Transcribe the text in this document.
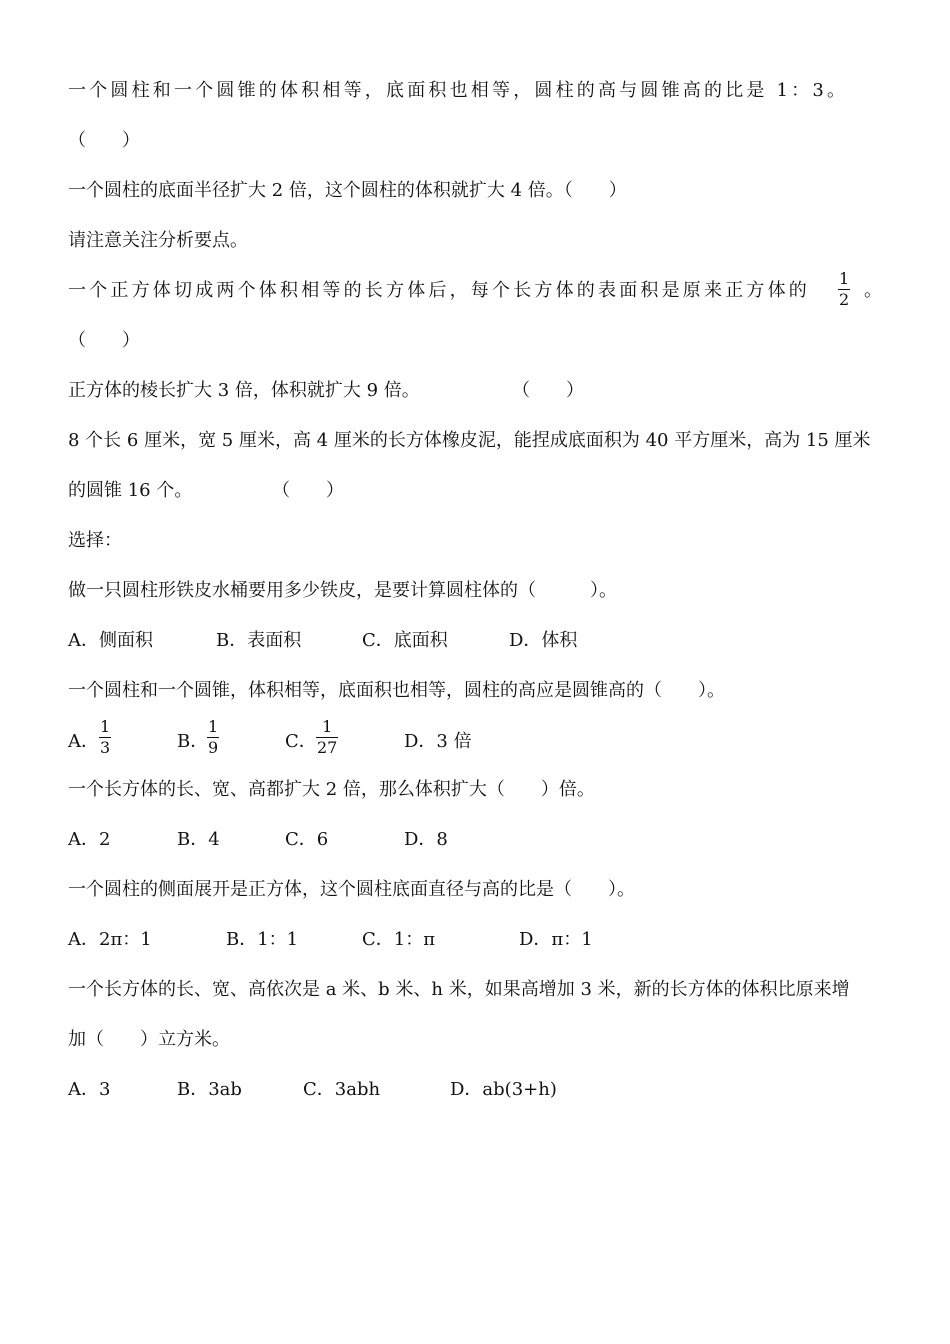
一个圆柱和一个圆锥的体积相等，底面积也相等，圆柱的高与圆锥高的比是 1：3。
（　　）
一个圆柱的底面半径扩大 2 倍，这个圆柱的体积就扩大 4 倍。（　　）
请注意关注分析要点。
一个正方体切成两个体积相等的长方体后，每个长方体的表面积是原来正方体的
1
2 。
（　　）
正方体的棱长扩大 3 倍，体积就扩大 9 倍。	（　　）
8 个长 6 厘米，宽 5 厘米，高 4 厘米的长方体橡皮泥，能捏成底面积为 40 平方厘米，高为 15 厘米
的圆锥 16 个。	（　　）
选择：
做一只圆柱形铁皮水桶要用多少铁皮，是要计算圆柱体的（　　　）。
A．侧面积	B．表面积	C．底面积	D．体积
一个圆柱和一个圆锥，体积相等，底面积也相等，圆柱的高应是圆锥高的（　　）。
A．
1
3	B．
1
9	C．
1
27	D．3 倍
一个长方体的长、宽、高都扩大 2 倍，那么体积扩大（　　）倍。
A．2	B．4	C．6	D．8
一个圆柱的侧面展开是正方体，这个圆柱底面直径与高的比是（　　）。
A．2π：1	B．1：1	C．1：π	D．π：1
一个长方体的长、宽、高依次是 a 米、b 米、h 米，如果高增加 3 米，新的长方体的体积比原来增
加（　　）立方米。
A．3	B．3ab	C．3abh	D．ab(3+h)
